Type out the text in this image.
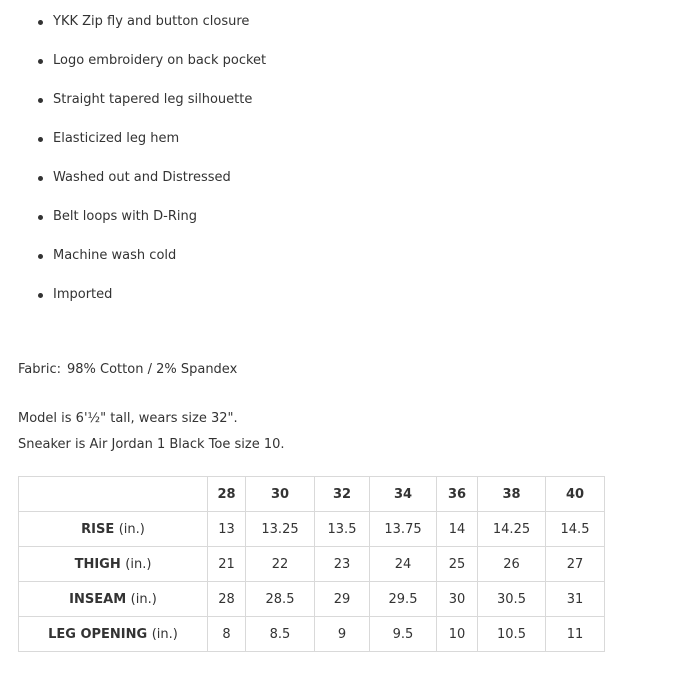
YKK Zip fly and button closure
Logo embroidery on back pocket
Straight tapered leg silhouette
Elasticized leg hem
Washed out and Distressed
Belt loops with D-Ring
Machine wash cold
Imported
Fabric: 98% Cotton / 2% Spandex
Model is 6'½" tall, wears size 32".
Sneaker is Air Jordan 1 Black Toe size 10.
	28	30	32	34	36	38	40
RISE (in.)	13	13.25	13.5	13.75	14	14.25	14.5
THIGH (in.)	21	22	23	24	25	26	27
INSEAM (in.)	28	28.5	29	29.5	30	30.5	31
LEG OPENING (in.)	8	8.5	9	9.5	10	10.5	11
